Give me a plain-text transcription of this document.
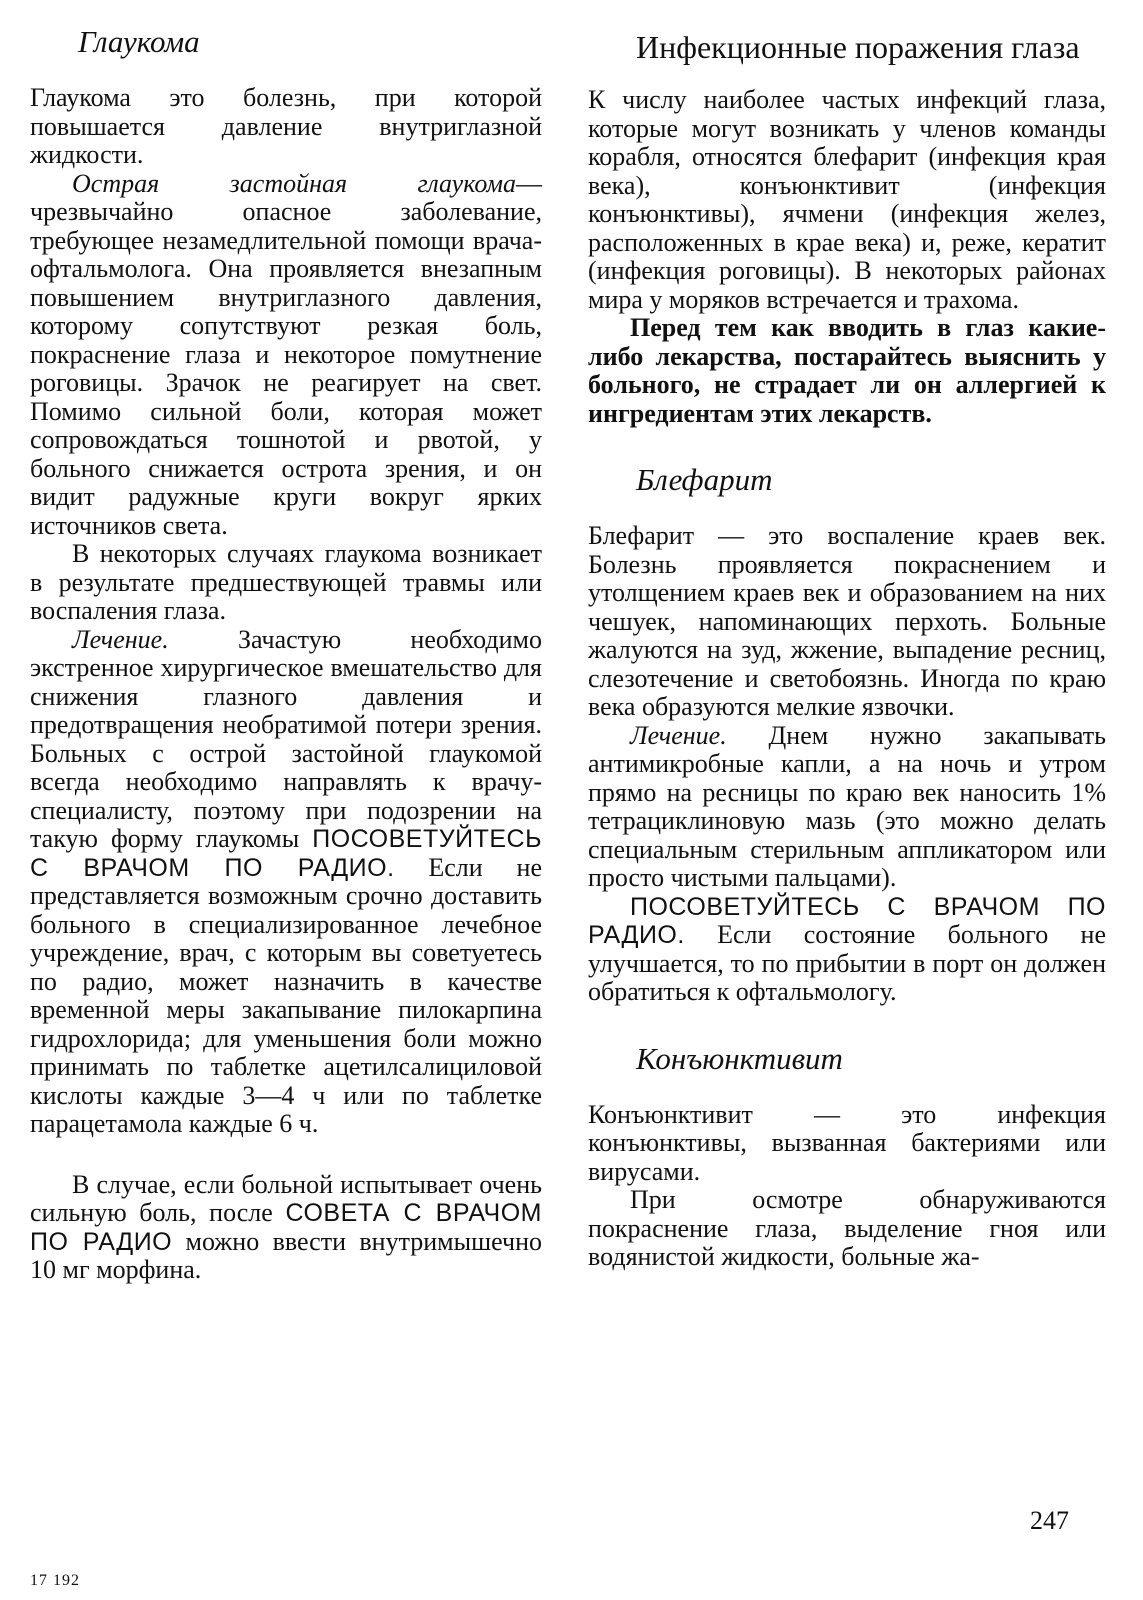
Глаукома

Глаукома это болезнь, при которой повышается давление внутриглазной жидкости.

Острая застойная глаукома— чрезвычайно опасное заболевание, требующее незамедлительной помощи врача-офтальмолога. Она проявляется внезапным повышением внутриглазного давления, которому сопутствуют резкая боль, покраснение глаза и некоторое помутнение роговицы. Зрачок не реагирует на свет. Помимо сильной боли, которая может сопровождаться тошнотой и рвотой, у больного снижается острота зрения, и он видит радужные круги вокруг ярких источников света.

В некоторых случаях глаукома возникает в результате предшествующей травмы или воспаления глаза.

Лечение. Зачастую необходимо экстренное хирургическое вмешательство для снижения глазного давления и предотвращения необратимой потери зрения. Больных с острой застойной глаукомой всегда необходимо направлять к врачу-специалисту, поэтому при подозрении на такую форму глаукомы ПОСОВЕТУЙТЕСЬ С ВРАЧОМ ПО РАДИО. Если не представляется возможным срочно доставить больного в специализированное лечебное учреждение, врач, с которым вы советуетесь по радио, может назначить в качестве временной меры закапывание пилокарпина гидрохлорида; для уменьшения боли можно принимать по таблетке ацетилсалициловой кислоты каждые 3—4 ч или по таблетке парацетамола каждые 6 ч.

В случае, если больной испытывает очень сильную боль, после СОВЕТА С ВРАЧОМ ПО РАДИО можно ввести внутримышечно 10 мг морфина.

Инфекционные поражения глаза

К числу наиболее частых инфекций глаза, которые могут возникать у членов команды корабля, относятся блефарит (инфекция края века), конъюнктивит (инфекция конъюнктивы), ячмени (инфекция желез, расположенных в крае века) и, реже, кератит (инфекция роговицы). В некоторых районах мира у моряков встречается и трахома.

Перед тем как вводить в глаз какие-либо лекарства, постарайтесь выяснить у больного, не страдает ли он аллергией к ингредиентам этих лекарств.

Блефарит

Блефарит — это воспаление краев век. Болезнь проявляется покраснением и утолщением краев век и образованием на них чешуек, напоминающих перхоть. Больные жалуются на зуд, жжение, выпадение ресниц, слезотечение и светобоязнь. Иногда по краю века образуются мелкие язвочки.

Лечение. Днем нужно закапывать антимикробные капли, а на ночь и утром прямо на ресницы по краю век наносить 1% тетрациклиновую мазь (это можно делать специальным стерильным аппликатором или просто чистыми пальцами).

ПОСОВЕТУЙТЕСЬ С ВРАЧОМ ПО РАДИО. Если состояние больного не улучшается, то по прибытии в порт он должен обратиться к офтальмологу.

Конъюнктивит

Конъюнктивит — это инфекция конъюнктивы, вызванная бактериями или вирусами.

При осмотре обнаруживаются покраснение глаза, выделение гноя или водянистой жидкости, больные жа-

247
17 192
